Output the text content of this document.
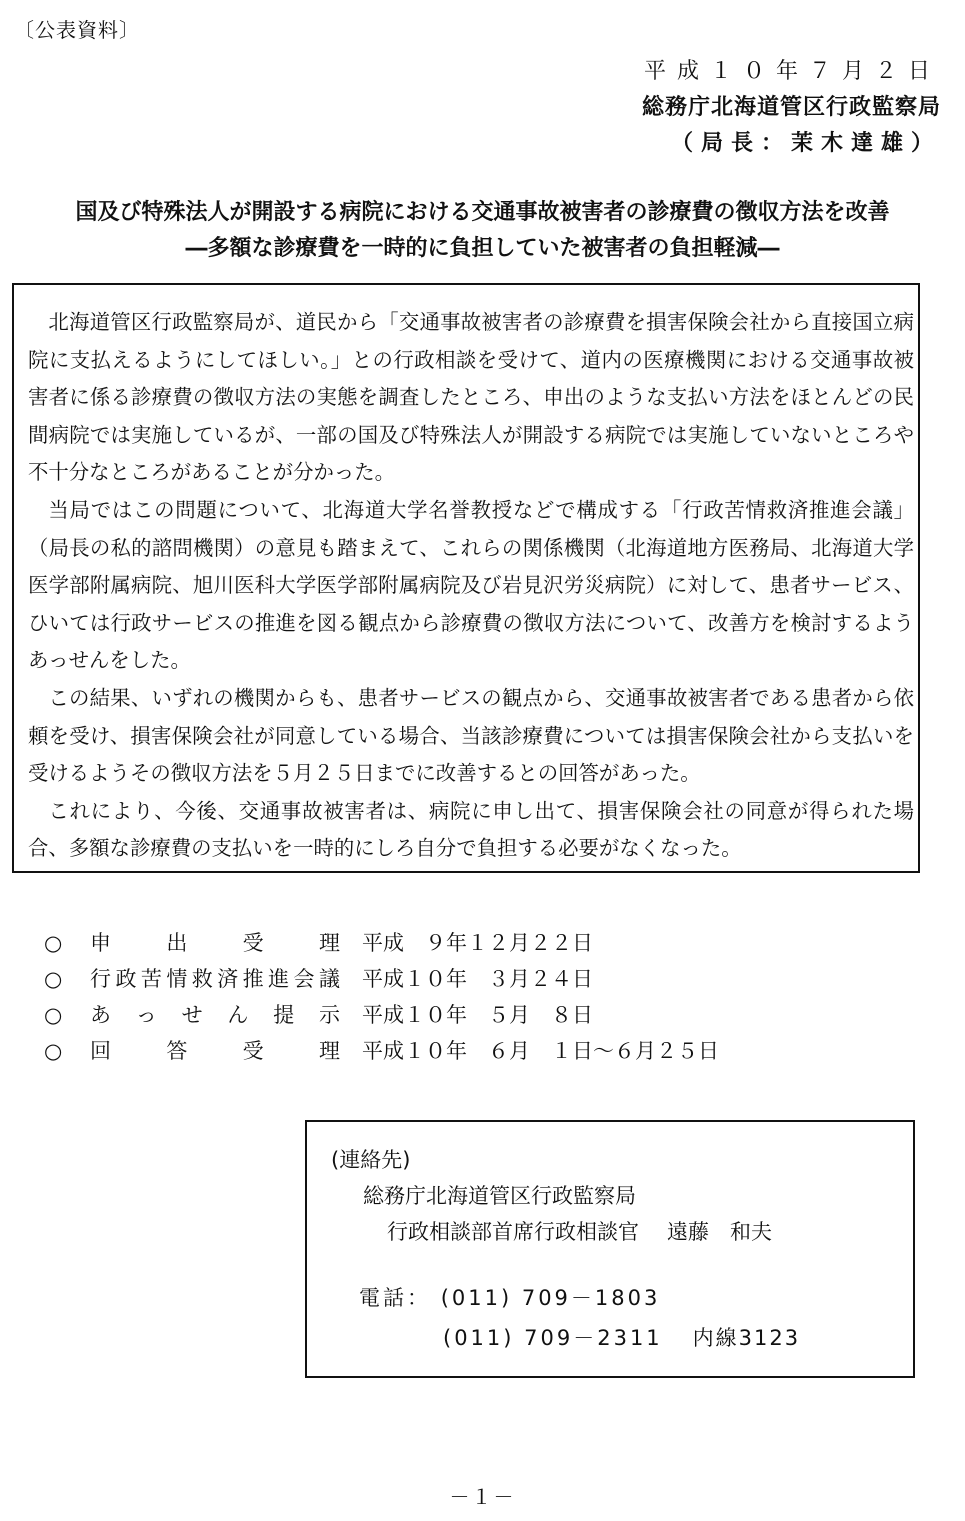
〔公表資料〕
平成１０年７月２日
総務庁北海道管区行政監察局
（局長：茉木達雄）
国及び特殊法人が開設する病院における交通事故被害者の診療費の徴収方法を改善
―多額な診療費を一時的に負担していた被害者の負担軽減―

北海道管区行政監察局が、道民から「交通事故被害者の診療費を損害保険会社から直接国立病院に支払えるようにしてほしい。」との行政相談を受けて、道内の医療機関における交通事故被害者に係る診療費の徴収方法の実態を調査したところ、申出のような支払い方法をほとんどの民間病院では実施しているが、一部の国及び特殊法人が開設する病院では実施していないところや不十分なところがあることが分かった。

当局ではこの問題について、北海道大学名誉教授などで構成する「行政苦情救済推進会議」（局長の私的諮問機関）の意見も踏まえて、これらの関係機関（北海道地方医務局、北海道大学医学部附属病院、旭川医科大学医学部附属病院及び岩見沢労災病院）に対して、患者サービス、ひいては行政サービスの推進を図る観点から診療費の徴収方法について、改善方を検討するようあっせんをした。

この結果、いずれの機関からも、患者サービスの観点から、交通事故被害者である患者から依頼を受け、損害保険会社が同意している場合、当該診療費については損害保険会社から支払いを受けるようその徴収方法を５月２５日までに改善するとの回答があった。

これにより、今後、交通事故被害者は、病院に申し出て、損害保険会社の同意が得られた場合、多額な診療費の支払いを一時的にしろ自分で負担する必要がなくなった。

○	申	出	受	理 平成　９年１２月２２日
○	行 政 苦 情 救 済 推 進 会 議 平成１０年　３月２４日
○	あ っ せ ん 提 示 平成１０年　５月　８日
○	回	答	受	理 平成１０年　６月　１日～６月２５日
(連絡先)
総務庁北海道管区行政監察局
行政相談部首席行政相談官 遠藤　和夫
電話： (011) 709－1803
(011) 709－2311 内線3123
－１－
